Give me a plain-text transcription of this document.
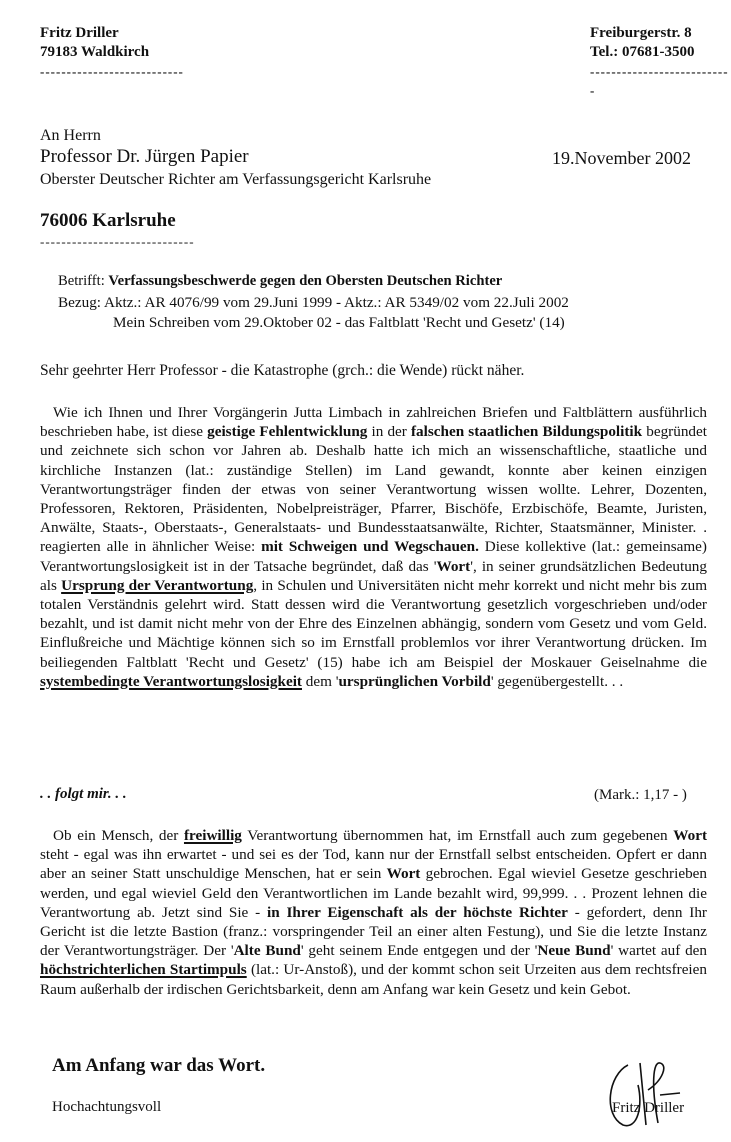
Fritz Driller
79183 Waldkirch
---------------------------
Freiburgerstr. 8
Tel.: 07681-3500
---------------------------
An Herrn
Professor Dr. Jürgen Papier
Oberster Deutscher Richter am Verfassungsgericht Karlsruhe
19.November 2002
76006 Karlsruhe
-----------------------------
Betrifft: Verfassungsbeschwerde gegen den Obersten Deutschen Richter
Bezug: Aktz.: AR 4076/99 vom 29.Juni 1999 - Aktz.: AR 5349/02 vom 22.Juli 2002
Mein Schreiben vom 29.Oktober 02 - das Faltblatt 'Recht und Gesetz' (14)
Sehr geehrter Herr Professor - die Katastrophe (grch.: die Wende) rückt näher.

Wie ich Ihnen und Ihrer Vorgängerin Jutta Limbach in zahlreichen Briefen und Faltblättern ausführlich beschrieben habe, ist diese geistige Fehlentwicklung in der falschen staatlichen Bildungspolitik begründet und zeichnete sich schon vor Jahren ab. Deshalb hatte ich mich an wissenschaftliche, staatliche und kirchliche Instanzen (lat.: zuständige Stellen) im Land gewandt, konnte aber keinen einzigen Verantwortungsträger finden der etwas von seiner Verantwortung wissen wollte. Lehrer, Dozenten, Professoren, Rektoren, Präsidenten, Nobelpreisträger, Pfarrer, Bischöfe, Erzbischöfe, Beamte, Juristen, Anwälte, Staats-, Oberstaats-, Generalstaats- und Bundesstaatsanwälte, Richter, Staatsmänner, Minister. . reagierten alle in ähnlicher Weise: mit Schweigen und Wegschauen. Diese kollektive (lat.: gemeinsame) Verantwortungslosigkeit ist in der Tatsache begründet, daß das 'Wort', in seiner grundsätzlichen Bedeutung als Ursprung der Verantwortung, in Schulen und Universitäten nicht mehr korrekt und nicht mehr bis zum totalen Verständnis gelehrt wird. Statt dessen wird die Verantwortung gesetzlich vorgeschrieben und/oder bezahlt, und ist damit nicht mehr von der Ehre des Einzelnen abhängig, sondern vom Gesetz und vom Geld. Einflußreiche und Mächtige können sich so im Ernstfall problemlos vor ihrer Verantwortung drücken. Im beiliegenden Faltblatt 'Recht und Gesetz' (15) habe ich am Beispiel der Moskauer Geiselnahme die systembedingte Verantwortungslosigkeit dem 'ursprünglichen Vorbild' gegenübergestellt. . .

. . folgt mir. . .	(Mark.: 1,17 - )

Ob ein Mensch, der freiwillig Verantwortung übernommen hat, im Ernstfall auch zum gegebenen Wort steht - egal was ihn erwartet - und sei es der Tod, kann nur der Ernstfall selbst entscheiden. Opfert er dann aber an seiner Statt unschuldige Menschen, hat er sein Wort gebrochen. Egal wieviel Gesetze geschrieben werden, und egal wieviel Geld den Verantwortlichen im Lande bezahlt wird, 99,999. . . Prozent lehnen die Verantwortung ab. Jetzt sind Sie - in Ihrer Eigenschaft als der höchste Richter - gefordert, denn Ihr Gericht ist die letzte Bastion (franz.: vorspringender Teil an einer alten Festung), und Sie die letzte Instanz der Verantwortungsträger. Der 'Alte Bund' geht seinem Ende entgegen und der 'Neue Bund' wartet auf den höchstrichterlichen Startimpuls (lat.: Ur-Anstoß), und der kommt schon seit Urzeiten aus dem rechtsfreien Raum außerhalb der irdischen Gerichtsbarkeit, denn am Anfang war kein Gesetz und kein Gebot.

Am Anfang war das Wort.
Hochachtungsvoll	Fritz Driller
